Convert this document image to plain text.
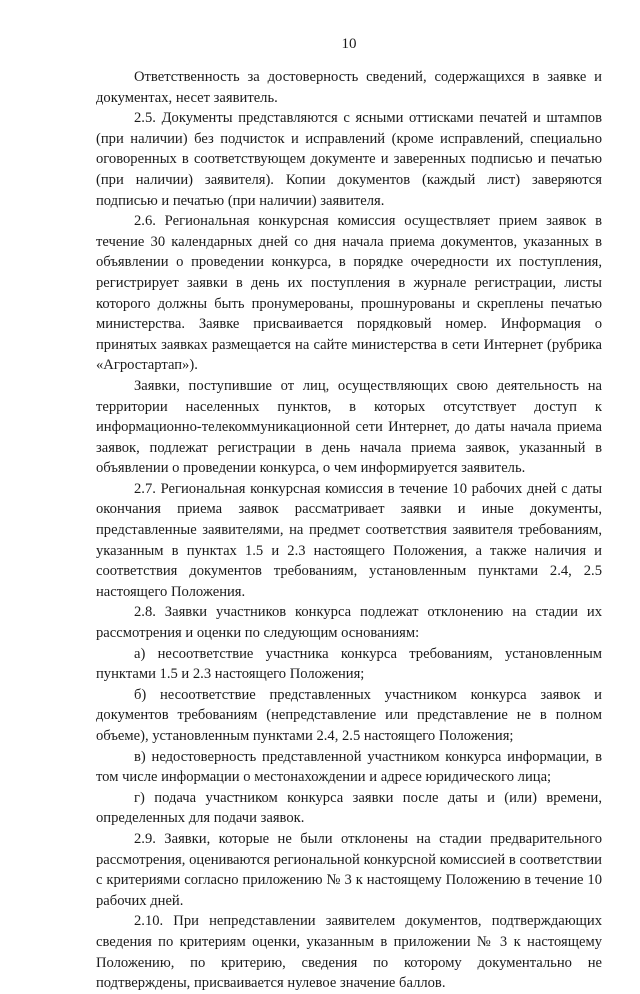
10

Ответственность за достоверность сведений, содержащихся в заявке и документах, несет заявитель.

2.5. Документы представляются с ясными оттисками печатей и штампов (при наличии) без подчисток и исправлений (кроме исправлений, специально оговоренных в соответствующем документе и заверенных подписью и печатью (при наличии) заявителя). Копии документов (каждый лист) заверяются подписью и печатью (при наличии) заявителя.

2.6. Региональная конкурсная комиссия осуществляет прием заявок в течение 30 календарных дней со дня начала приема документов, указанных в объявлении о проведении конкурса, в порядке очередности их поступления, регистрирует заявки в день их поступления в журнале регистрации, листы которого должны быть пронумерованы, прошнурованы и скреплены печатью министерства. Заявке присваивается порядковый номер. Информация о принятых заявках размещается на сайте министерства в сети Интернет (рубрика «Агростартап»).

Заявки, поступившие от лиц, осуществляющих свою деятельность на территории населенных пунктов, в которых отсутствует доступ к информационно-телекоммуникационной сети Интернет, до даты начала приема заявок, подлежат регистрации в день начала приема заявок, указанный в объявлении о проведении конкурса, о чем информируется заявитель.

2.7. Региональная конкурсная комиссия в течение 10 рабочих дней с даты окончания приема заявок рассматривает заявки и иные документы, представленные заявителями, на предмет соответствия заявителя требованиям, указанным в пунктах 1.5 и 2.3 настоящего Положения, а также наличия и соответствия документов требованиям, установленным пунктами 2.4, 2.5 настоящего Положения.

2.8. Заявки участников конкурса подлежат отклонению на стадии их рассмотрения и оценки по следующим основаниям:

а) несоответствие участника конкурса требованиям, установленным пунктами 1.5 и 2.3 настоящего Положения;

б) несоответствие представленных участником конкурса заявок и документов требованиям (непредставление или представление не в полном объеме), установленным пунктами 2.4, 2.5 настоящего Положения;

в) недостоверность представленной участником конкурса информации, в том числе информации о местонахождении и адресе юридического лица;

г) подача участником конкурса заявки после даты и (или) времени, определенных для подачи заявок.

2.9. Заявки, которые не были отклонены на стадии предварительного рассмотрения, оцениваются региональной конкурсной комиссией в соответствии с критериями согласно приложению № 3 к настоящему Положению в течение 10 рабочих дней.

2.10. При непредставлении заявителем документов, подтверждающих сведения по критериям оценки, указанным в приложении № 3 к настоящему Положению, по критерию, сведения по которому документально не подтверждены, присваивается нулевое значение баллов.
